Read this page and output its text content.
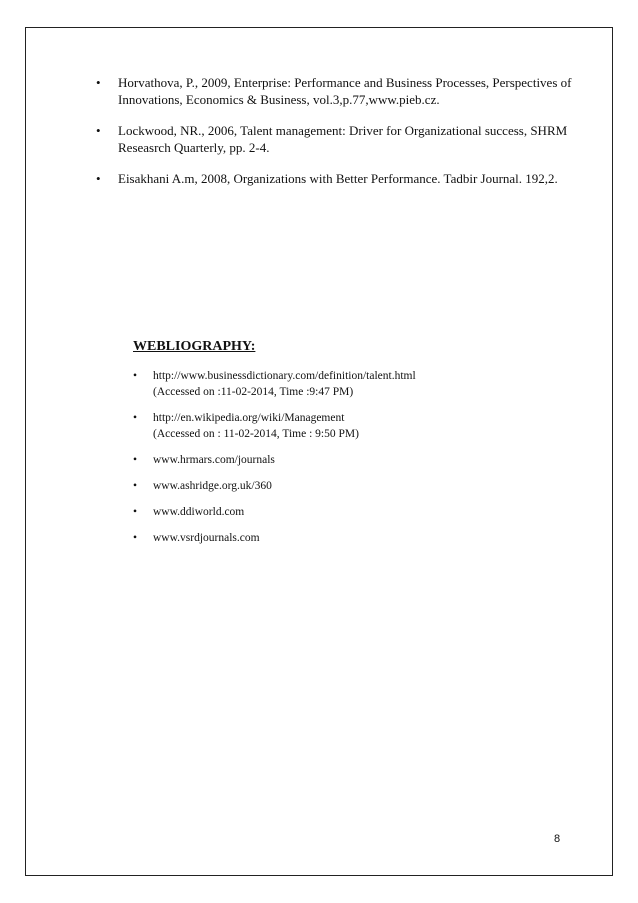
• Horvathova, P., 2009, Enterprise: Performance and Business Processes, Perspectives of Innovations, Economics & Business, vol.3,p.77,www.pieb.cz.
• Lockwood, NR., 2006, Talent management: Driver for Organizational success, SHRM Reseasrch Quarterly, pp. 2-4.
• Eisakhani A.m, 2008, Organizations with Better Performance. Tadbir Journal. 192,2.
WEBLIOGRAPHY:
• http://www.businessdictionary.com/definition/talent.html
(Accessed on :11-02-2014, Time :9:47 PM)
• http://en.wikipedia.org/wiki/Management
(Accessed on : 11-02-2014, Time : 9:50 PM)
• www.hrmars.com/journals
• www.ashridge.org.uk/360
• www.ddiworld.com
• www.vsrdjournals.com
8
